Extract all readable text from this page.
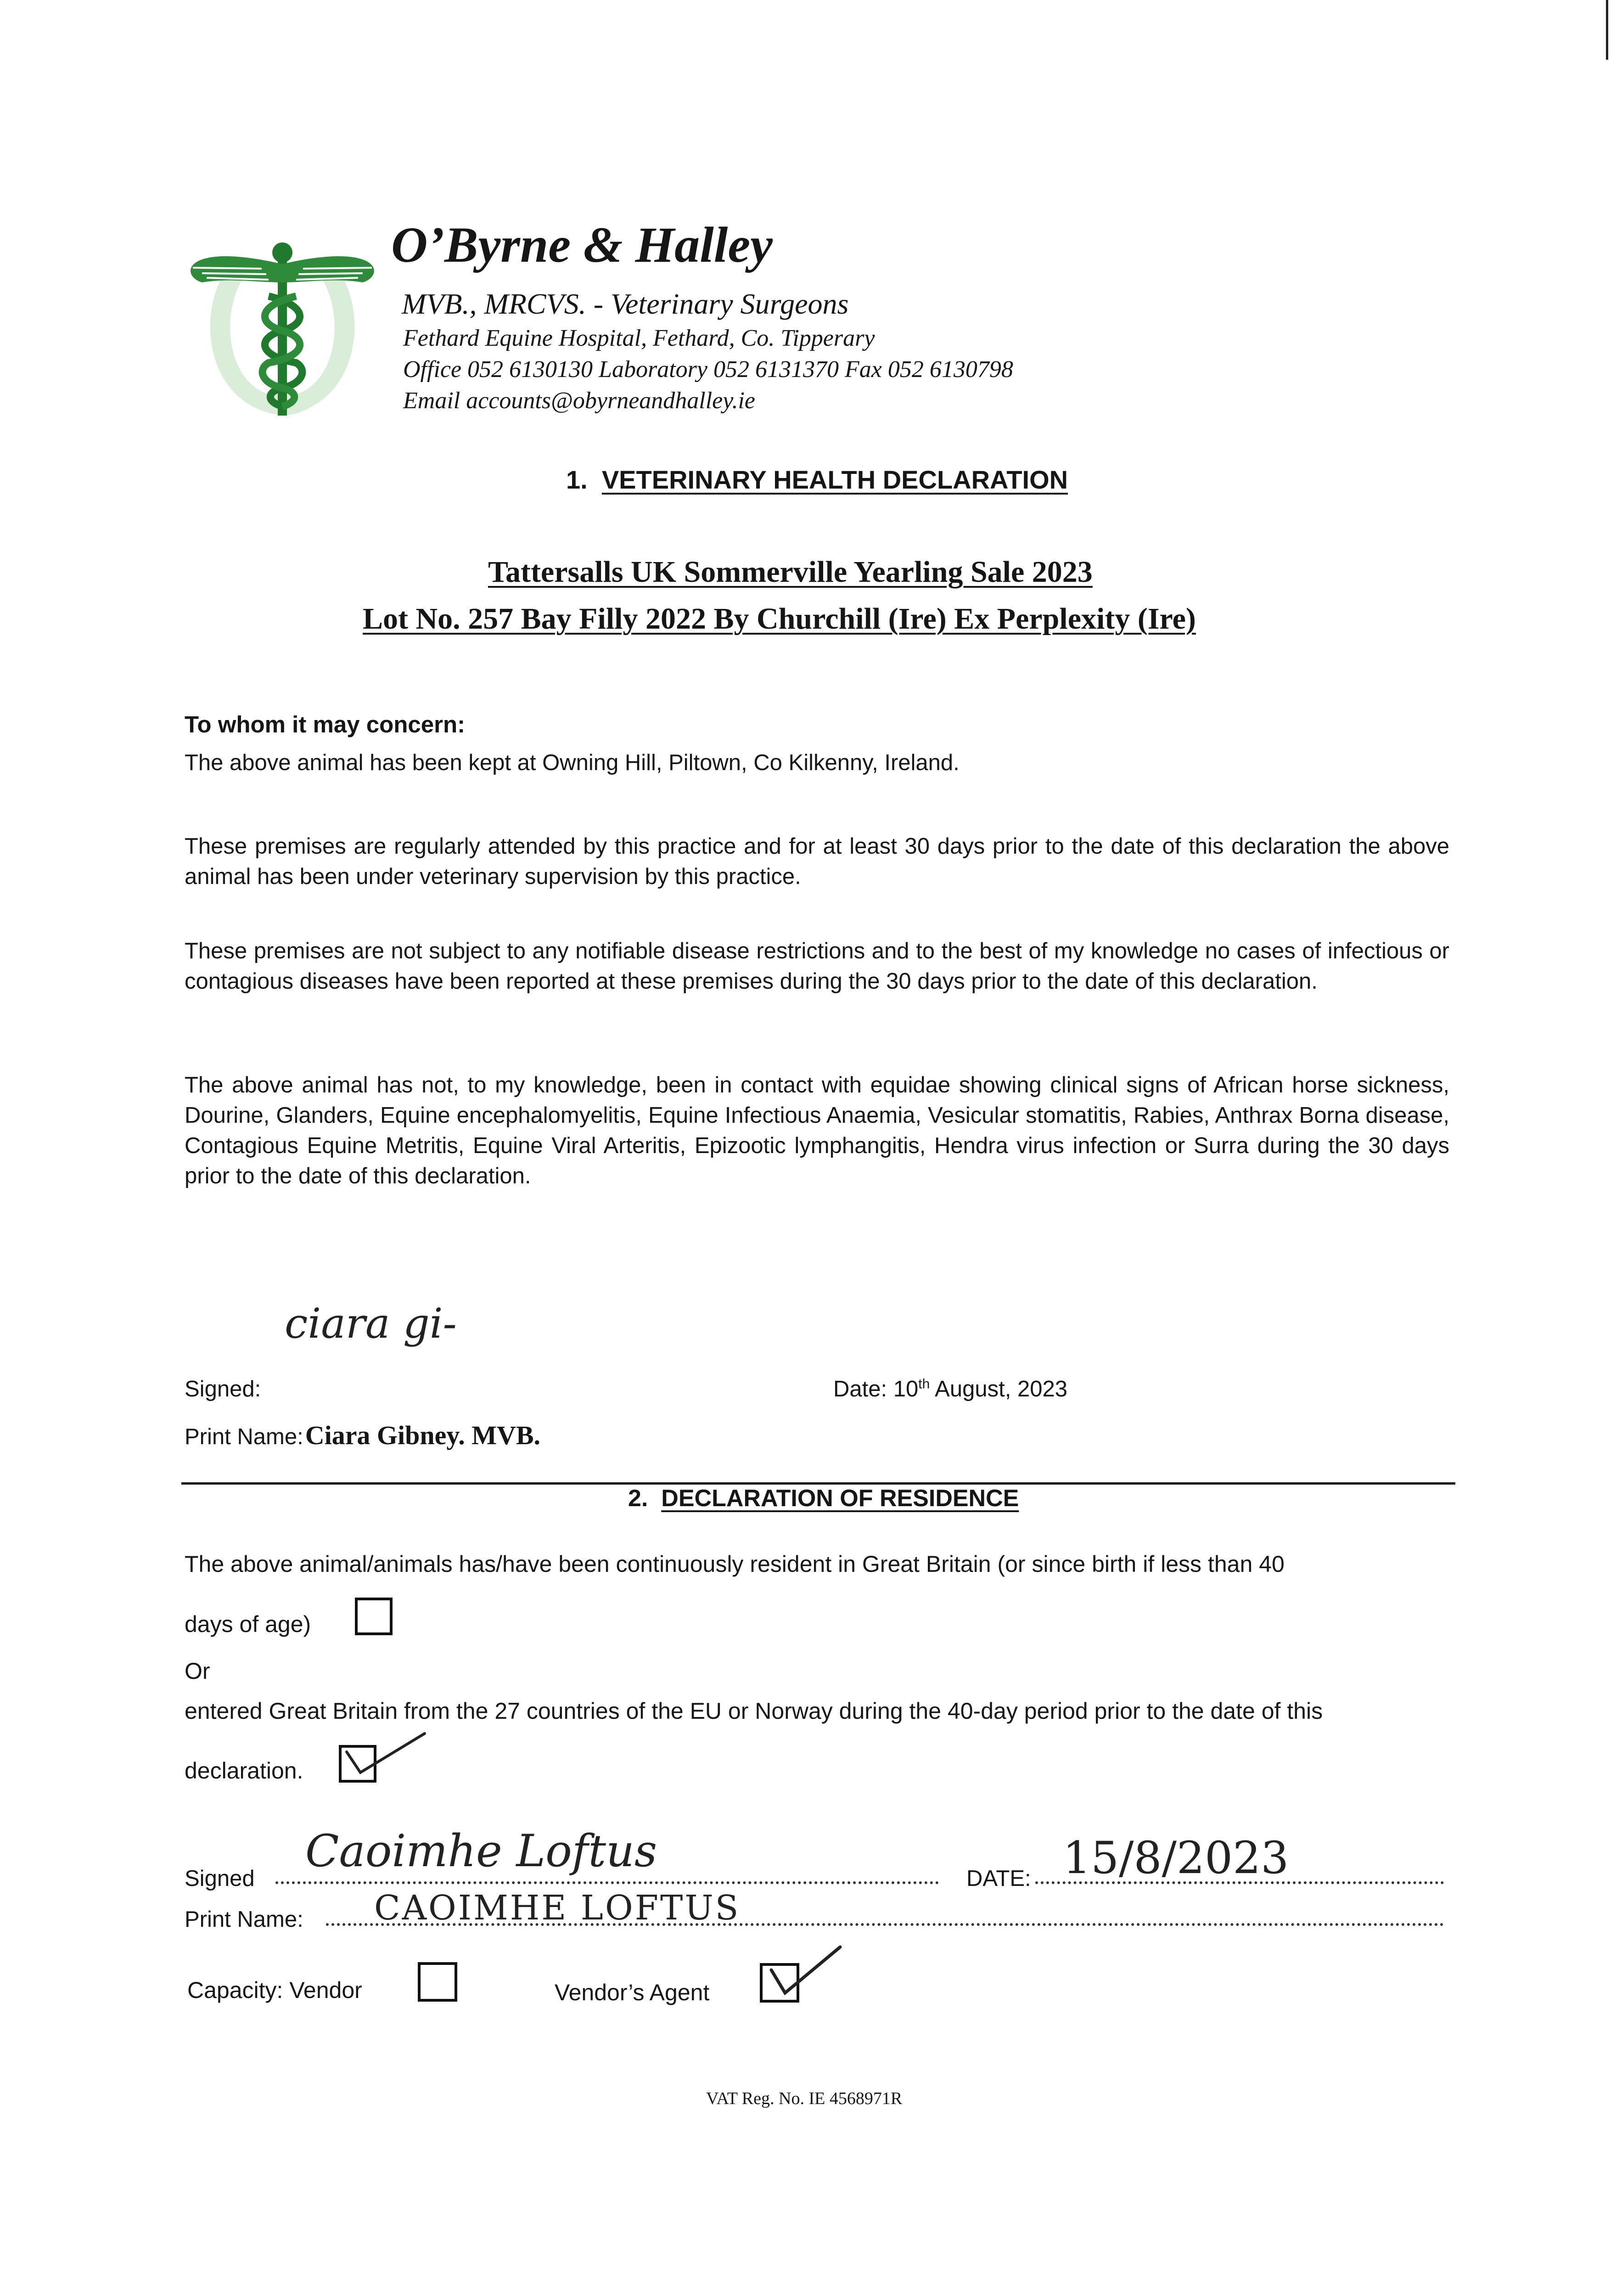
O’Byrne & Halley
MVB., MRCVS. - Veterinary Surgeons
Fethard Equine Hospital, Fethard, Co. Tipperary
Office 052 6130130 Laboratory 052 6131370 Fax 052 6130798
Email accounts@obyrneandhalley.ie
1. VETERINARY HEALTH DECLARATION
Tattersalls UK Sommerville Yearling Sale 2023
Lot No. 257 Bay Filly 2022 By Churchill (Ire) Ex Perplexity (Ire)
To whom it may concern:
The above animal has been kept at Owning Hill, Piltown, Co Kilkenny, Ireland.
These premises are regularly attended by this practice and for at least 30 days prior to the date of this declaration the above animal has been under veterinary supervision by this practice.
These premises are not subject to any notifiable disease restrictions and to the best of my knowledge no cases of infectious or contagious diseases have been reported at these premises during the 30 days prior to the date of this declaration.
The above animal has not, to my knowledge, been in contact with equidae showing clinical signs of African horse sickness, Dourine, Glanders, Equine encephalomyelitis, Equine Infectious Anaemia, Vesicular stomatitis, Rabies, Anthrax Borna disease, Contagious Equine Metritis, Equine Viral Arteritis, Epizootic lymphangitis, Hendra virus infection or Surra during the 30 days prior to the date of this declaration.
ciara gi-
Signed:	Date: 10th August, 2023
Print Name: Ciara Gibney. MVB.
2. DECLARATION OF RESIDENCE
The above animal/animals has/have been continuously resident in Great Britain (or since birth if less than 40
days of age)
Or
entered Great Britain from the 27 countries of the EU or Norway during the 40-day period prior to the date of this
declaration.
Signed
Caoimhe Loftus
DATE: 15/8/2023
Print Name: CAOIMHE LOFTUS
Capacity: Vendor	Vendor’s Agent
VAT Reg. No. IE 4568971R
